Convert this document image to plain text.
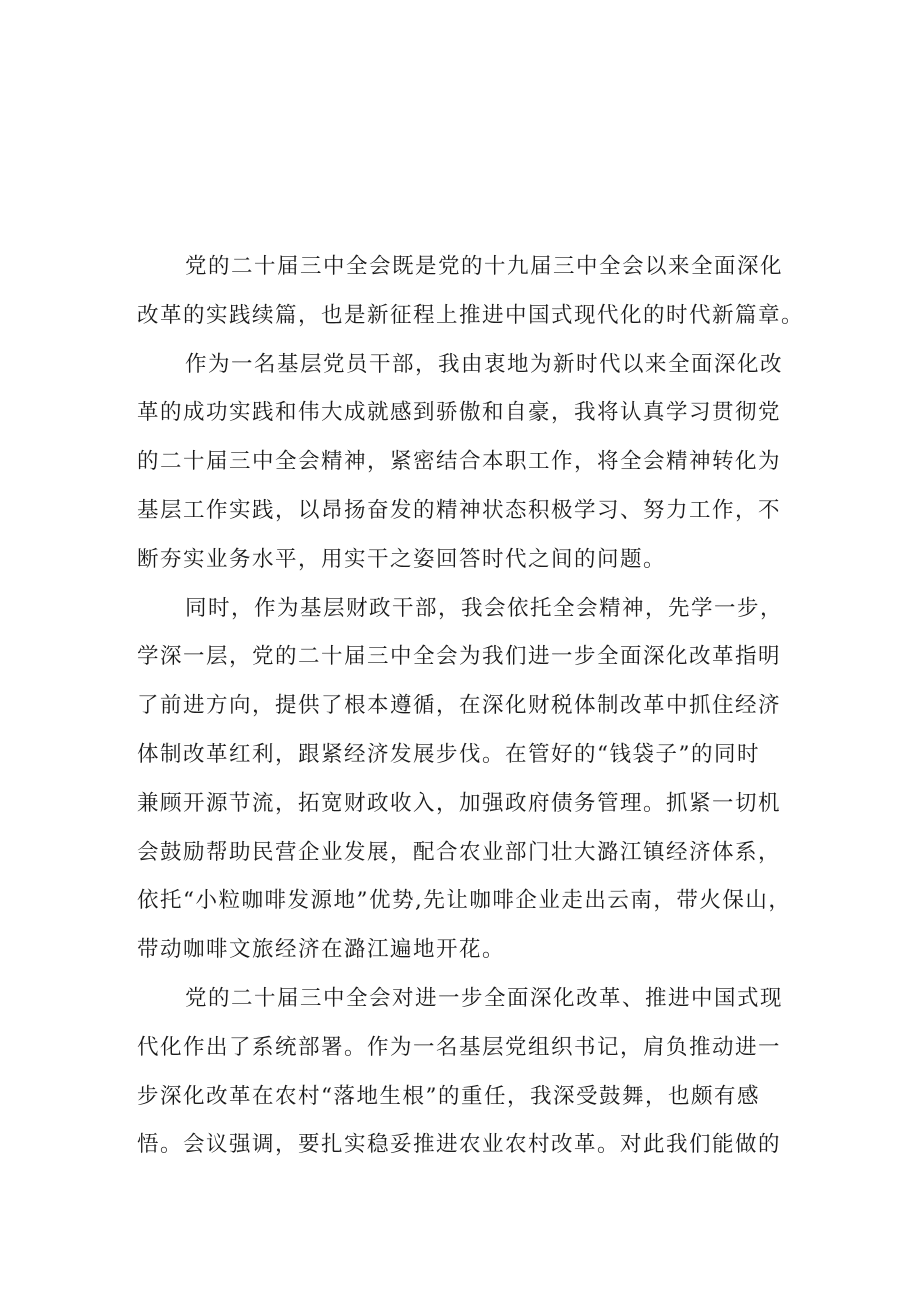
党的二十届三中全会既是党的十九届三中全会以来全面深化
改革的实践续篇，也是新征程上推进中国式现代化的时代新篇章。
作为一名基层党员干部，我由衷地为新时代以来全面深化改
革的成功实践和伟大成就感到骄傲和自豪，我将认真学习贯彻党
的二十届三中全会精神，紧密结合本职工作，将全会精神转化为
基层工作实践，以昂扬奋发的精神状态积极学习、努力工作，不
断夯实业务水平，用实干之姿回答时代之间的问题。
同时，作为基层财政干部，我会依托全会精神，先学一步，
学深一层，党的二十届三中全会为我们进一步全面深化改革指明
了前进方向，提供了根本遵循，在深化财税体制改革中抓住经济
体制改革红利，跟紧经济发展步伐。在管好的“钱袋子”的同时
兼顾开源节流，拓宽财政收入，加强政府债务管理。抓紧一切机
会鼓励帮助民营企业发展，配合农业部门壮大潞江镇经济体系，
依托“小粒咖啡发源地”优势,先让咖啡企业走出云南，带火保山，
带动咖啡文旅经济在潞江遍地开花。
党的二十届三中全会对进一步全面深化改革、推进中国式现
代化作出了系统部署。作为一名基层党组织书记，肩负推动进一
步深化改革在农村“落地生根”的重任，我深受鼓舞，也颇有感
悟。会议强调，要扎实稳妥推进农业农村改革。对此我们能做的
